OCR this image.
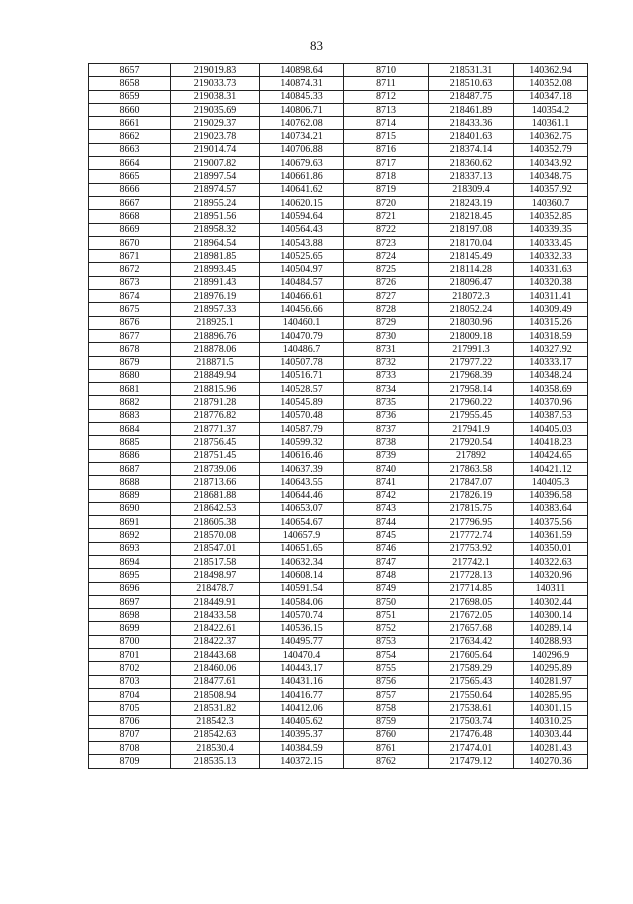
83
8657	219019.83	140898.64	8710	218531.31	140362.94
8658	219033.73	140874.31	8711	218510.63	140352.08
8659	219038.31	140845.33	8712	218487.75	140347.18
8660	219035.69	140806.71	8713	218461.89	140354.2
8661	219029.37	140762.08	8714	218433.36	140361.1
8662	219023.78	140734.21	8715	218401.63	140362.75
8663	219014.74	140706.88	8716	218374.14	140352.79
8664	219007.82	140679.63	8717	218360.62	140343.92
8665	218997.54	140661.86	8718	218337.13	140348.75
8666	218974.57	140641.62	8719	218309.4	140357.92
8667	218955.24	140620.15	8720	218243.19	140360.7
8668	218951.56	140594.64	8721	218218.45	140352.85
8669	218958.32	140564.43	8722	218197.08	140339.35
8670	218964.54	140543.88	8723	218170.04	140333.45
8671	218981.85	140525.65	8724	218145.49	140332.33
8672	218993.45	140504.97	8725	218114.28	140331.63
8673	218991.43	140484.57	8726	218096.47	140320.38
8674	218976.19	140466.61	8727	218072.3	140311.41
8675	218957.33	140456.66	8728	218052.24	140309.49
8676	218925.1	140460.1	8729	218030.96	140315.26
8677	218896.76	140470.79	8730	218009.18	140318.59
8678	218878.06	140486.7	8731	217991.3	140327.92
8679	218871.5	140507.78	8732	217977.22	140333.17
8680	218849.94	140516.71	8733	217968.39	140348.24
8681	218815.96	140528.57	8734	217958.14	140358.69
8682	218791.28	140545.89	8735	217960.22	140370.96
8683	218776.82	140570.48	8736	217955.45	140387.53
8684	218771.37	140587.79	8737	217941.9	140405.03
8685	218756.45	140599.32	8738	217920.54	140418.23
8686	218751.45	140616.46	8739	217892	140424.65
8687	218739.06	140637.39	8740	217863.58	140421.12
8688	218713.66	140643.55	8741	217847.07	140405.3
8689	218681.88	140644.46	8742	217826.19	140396.58
8690	218642.53	140653.07	8743	217815.75	140383.64
8691	218605.38	140654.67	8744	217796.95	140375.56
8692	218570.08	140657.9	8745	217772.74	140361.59
8693	218547.01	140651.65	8746	217753.92	140350.01
8694	218517.58	140632.34	8747	217742.1	140322.63
8695	218498.97	140608.14	8748	217728.13	140320.96
8696	218478.7	140591.54	8749	217714.85	140311
8697	218449.91	140584.06	8750	217698.05	140302.44
8698	218433.58	140570.74	8751	217672.05	140300.14
8699	218422.61	140536.15	8752	217657.68	140289.14
8700	218422.37	140495.77	8753	217634.42	140288.93
8701	218443.68	140470.4	8754	217605.64	140296.9
8702	218460.06	140443.17	8755	217589.29	140295.89
8703	218477.61	140431.16	8756	217565.43	140281.97
8704	218508.94	140416.77	8757	217550.64	140285.95
8705	218531.82	140412.06	8758	217538.61	140301.15
8706	218542.3	140405.62	8759	217503.74	140310.25
8707	218542.63	140395.37	8760	217476.48	140303.44
8708	218530.4	140384.59	8761	217474.01	140281.43
8709	218535.13	140372.15	8762	217479.12	140270.36
